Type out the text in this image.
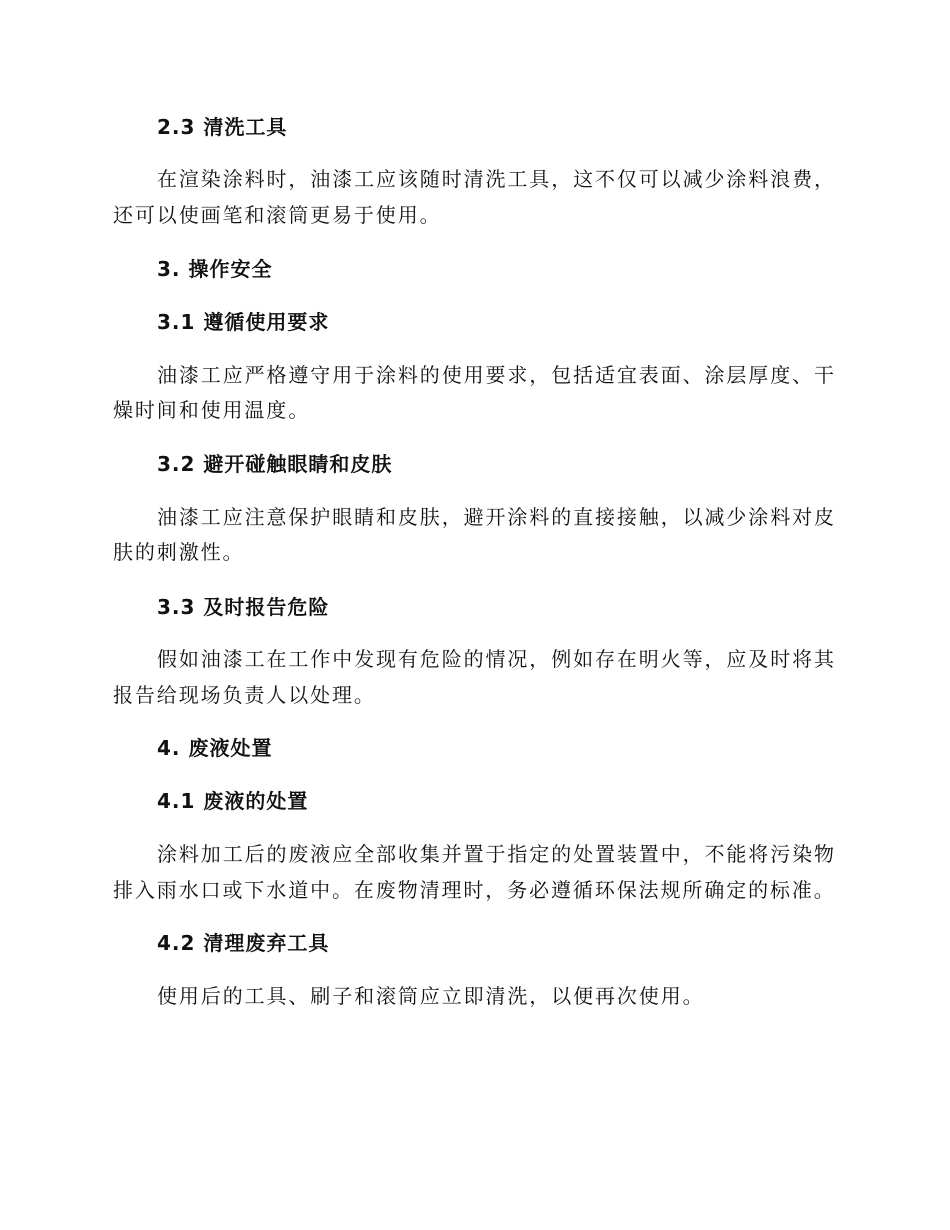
2.3 清洗工具
在渲染涂料时，油漆工应该随时清洗工具，这不仅可以减少涂料浪费，
还可以使画笔和滚筒更易于使用。
3. 操作安全
3.1 遵循使用要求
油漆工应严格遵守用于涂料的使用要求，包括适宜表面、涂层厚度、干
燥时间和使用温度。
3.2 避开碰触眼睛和皮肤
油漆工应注意保护眼睛和皮肤，避开涂料的直接接触，以减少涂料对皮
肤的刺激性。
3.3 及时报告危险
假如油漆工在工作中发现有危险的情况，例如存在明火等，应及时将其
报告给现场负责人以处理。
4. 废液处置
4.1 废液的处置
涂料加工后的废液应全部收集并置于指定的处置装置中，不能将污染物
排入雨水口或下水道中。在废物清理时，务必遵循环保法规所确定的标准。
4.2 清理废弃工具
使用后的工具、刷子和滚筒应立即清洗，以便再次使用。
